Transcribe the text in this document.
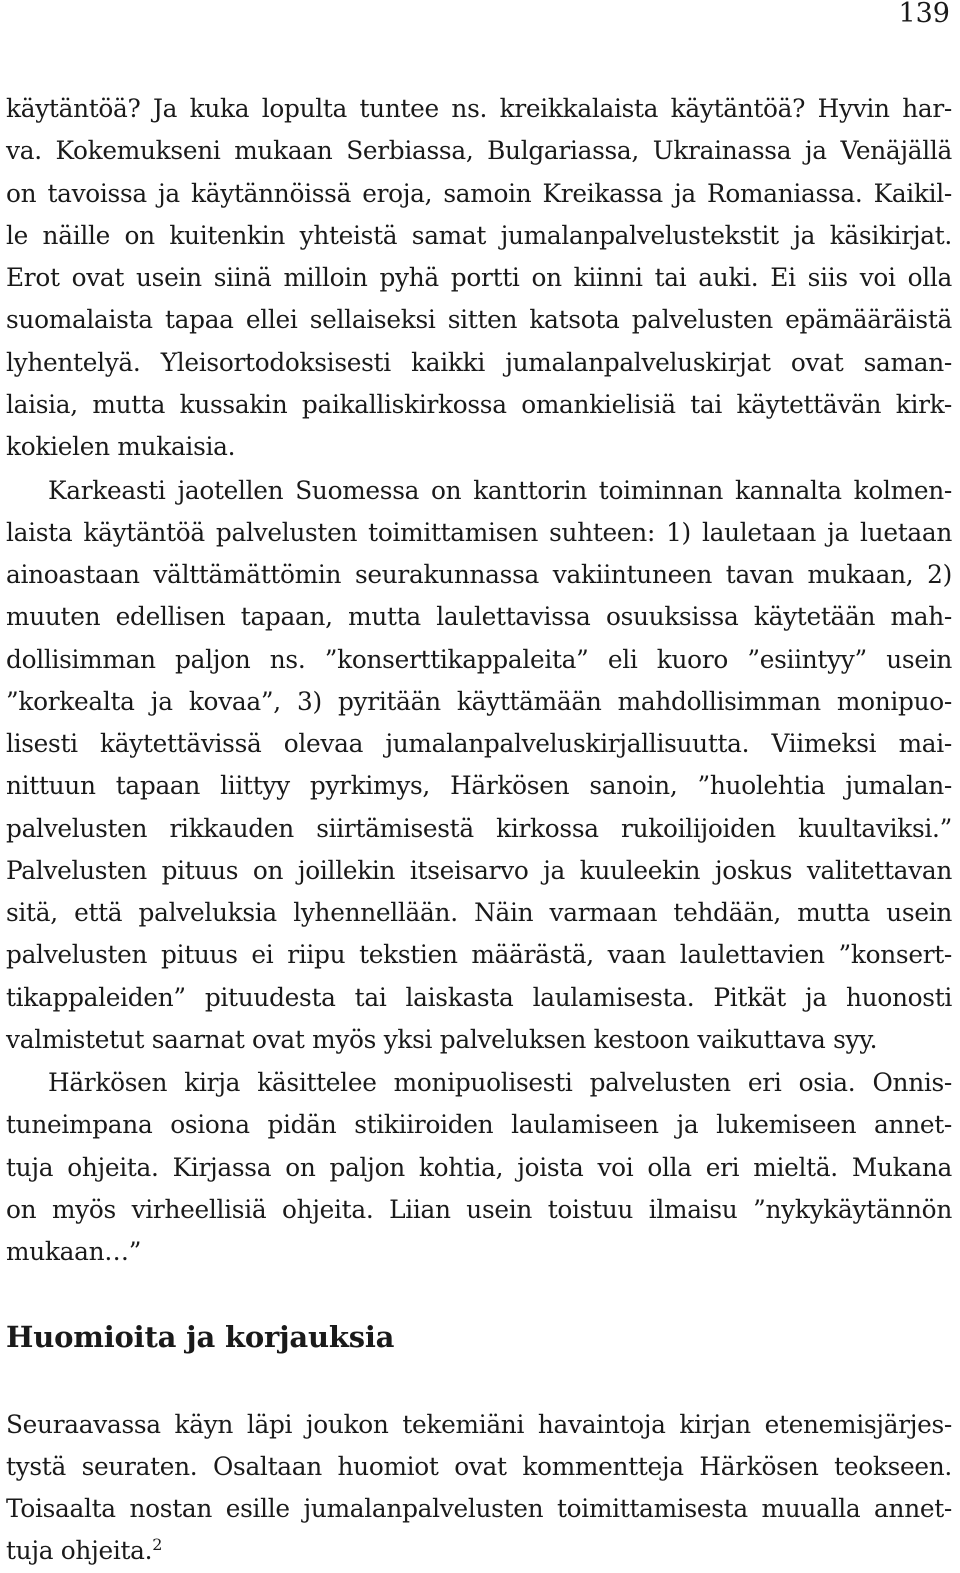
139
käytäntöä? Ja kuka lopulta tuntee ns. kreikkalaista käytäntöä? Hyvin har-
va. Kokemukseni mukaan Serbiassa, Bulgariassa, Ukrainassa ja Venäjällä
on tavoissa ja käytännöissä eroja, samoin Kreikassa ja Romaniassa. Kaikil-
le näille on kuitenkin yhteistä samat jumalanpalvelustekstit ja käsikirjat.
Erot ovat usein siinä milloin pyhä portti on kiinni tai auki. Ei siis voi olla
suomalaista tapaa ellei sellaiseksi sitten katsota palvelusten epämääräistä
lyhentelyä. Yleisortodoksisesti kaikki jumalanpalveluskirjat ovat saman-
laisia, mutta kussakin paikalliskirkossa omankielisiä tai käytettävän kirk-
kokielen mukaisia.
Karkeasti jaotellen Suomessa on kanttorin toiminnan kannalta kolmen-
laista käytäntöä palvelusten toimittamisen suhteen: 1) lauletaan ja luetaan
ainoastaan välttämättömin seurakunnassa vakiintuneen tavan mukaan, 2)
muuten edellisen tapaan, mutta laulettavissa osuuksissa käytetään mah-
dollisimman paljon ns. ”konserttikappaleita” eli kuoro ”esiintyy” usein
”korkealta ja kovaa”, 3) pyritään käyttämään mahdollisimman monipuo-
lisesti käytettävissä olevaa jumalanpalveluskirjallisuutta. Viimeksi mai-
nittuun tapaan liittyy pyrkimys, Härkösen sanoin, ”huolehtia jumalan-
palvelusten rikkauden siirtämisestä kirkossa rukoilijoiden kuultaviksi.”
Palvelusten pituus on joillekin itseisarvo ja kuuleekin joskus valitettavan
sitä, että palveluksia lyhennellään. Näin varmaan tehdään, mutta usein
palvelusten pituus ei riipu tekstien määrästä, vaan laulettavien ”konsert-
tikappaleiden” pituudesta tai laiskasta laulamisesta. Pitkät ja huonosti
valmistetut saarnat ovat myös yksi palveluksen kestoon vaikuttava syy.
Härkösen kirja käsittelee monipuolisesti palvelusten eri osia. Onnis-
tuneimpana osiona pidän stikiiroiden laulamiseen ja lukemiseen annet-
tuja ohjeita. Kirjassa on paljon kohtia, joista voi olla eri mieltä. Mukana
on myös virheellisiä ohjeita. Liian usein toistuu ilmaisu ”nykykäytännön
mukaan…”
Huomioita ja korjauksia
Seuraavassa käyn läpi joukon tekemiäni havaintoja kirjan etenemisjärjes-
tystä seuraten. Osaltaan huomiot ovat kommentteja Härkösen teokseen.
Toisaalta nostan esille jumalanpalvelusten toimittamisesta muualla annet-
tuja ohjeita.$^2$
